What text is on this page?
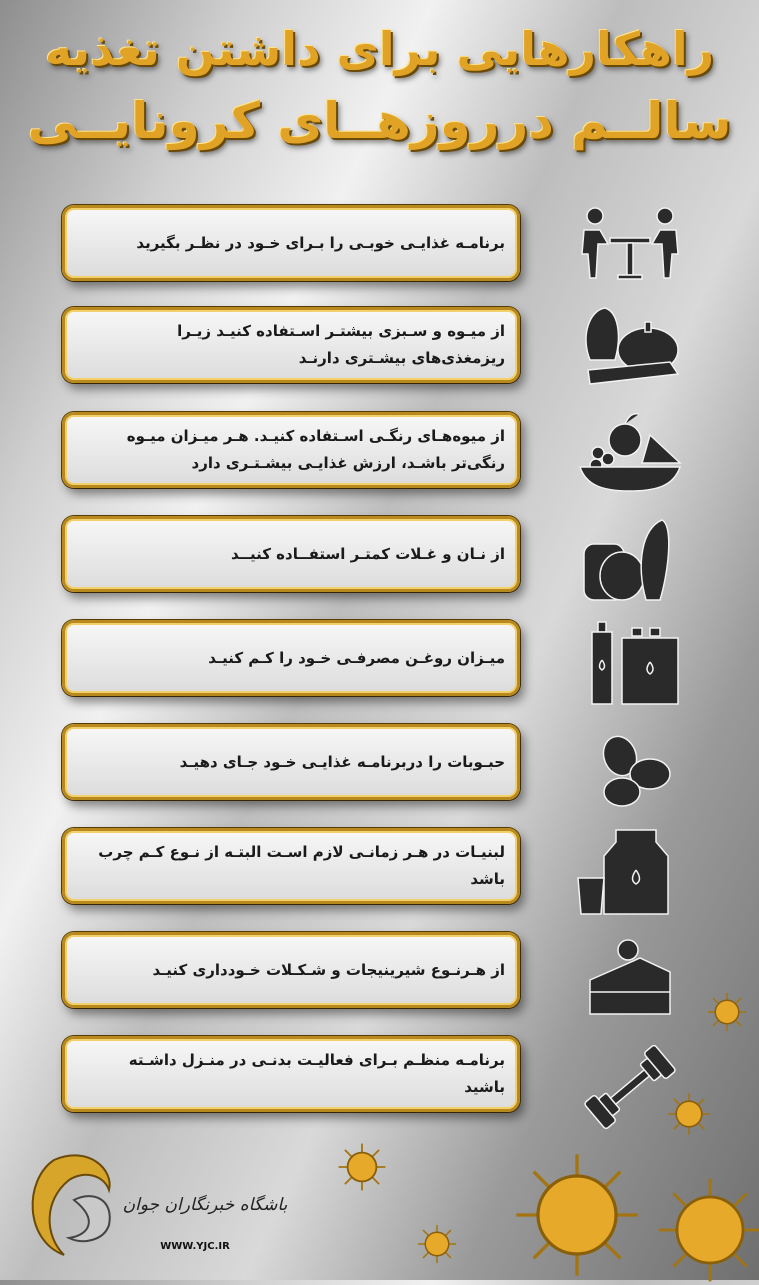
راهکارهایی برای داشتن تغذیه
سالــم درروزهــای کرونایــی
برنامـه غذایـی خوبـی را بـرای خـود در نظـر بگیرید
از میـوه و سـبزی بیشتـر اسـتفاده کنیـد زیـرا ریزمغذی‌های بیشـتری دارنـد
از میوه‌هـای رنگـی اسـتفاده کنیـد. هـر میـزان میـوه رنگی‌تر باشـد، ارزش غذایـی بیشـتـری دارد
از نـان و غـلات کمتـر استفــاده کنیــد
میـزان روغـن مصرفـی خـود را کـم کنیـد
حبـوبات را دربرنامـه غذایـی خـود جـای دهیـد
لبنیـات در هـر زمانـی لازم اسـت البتـه از نـوع کـم چرب باشد
از هـرنـوع شیرینیجات و شـکـلات خـودداری کنیـد
برنامـه منظـم بـرای فعالیـت بدنـی در منـزل داشـته باشید
باشگاه خبرنگاران جوان
WWW.YJC.IR
